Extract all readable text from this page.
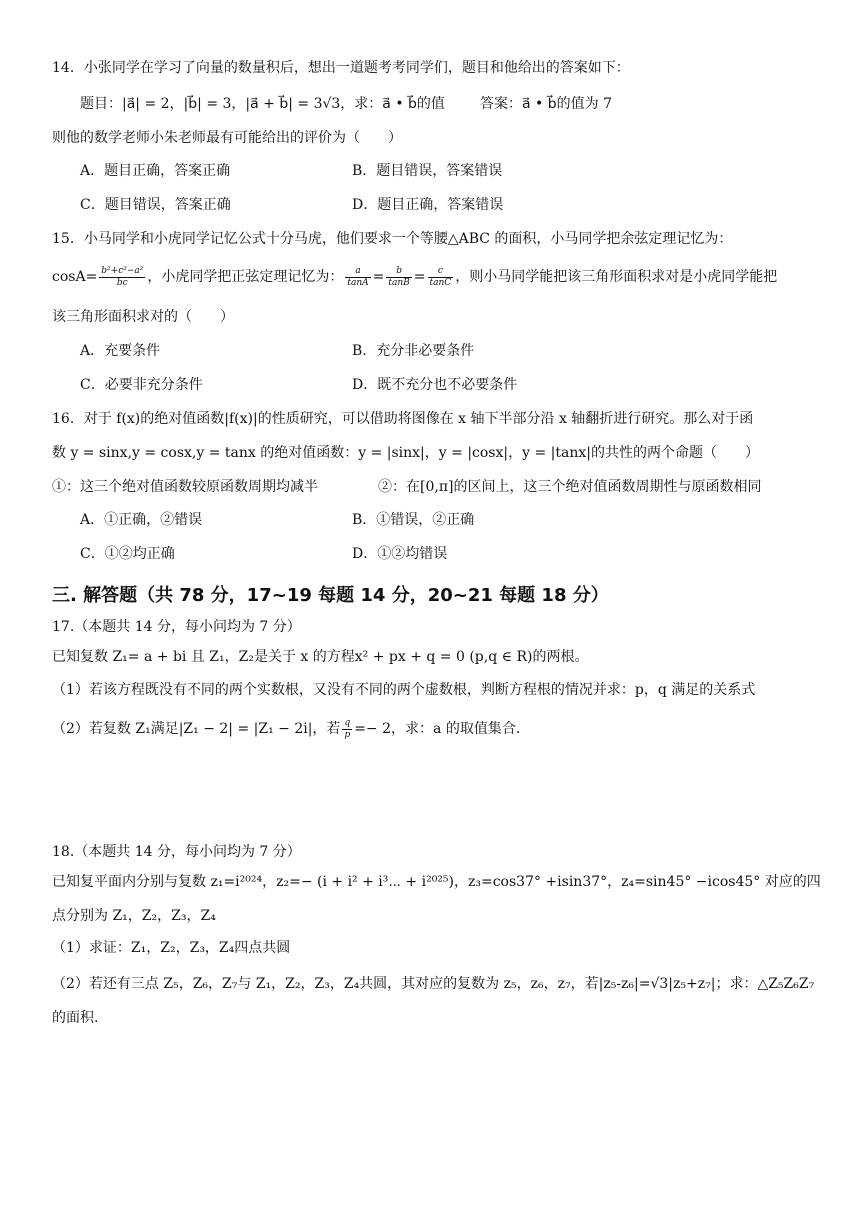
14．小张同学在学习了向量的数量积后，想出一道题考考同学们，题目和他给出的答案如下：
题目：|a⃗| = 2，|b⃗| = 3，|a⃗ + b⃗| = 3√3，求：a⃗ • b⃗的值	答案：a⃗ • b⃗的值为 7
则他的数学老师小朱老师最有可能给出的评价为（　　）
A．题目正确，答案正确	B．题目错误，答案错误
C．题目错误，答案正确	D．题目正确，答案错误
15．小马同学和小虎同学记忆公式十分马虎，他们要求一个等腰△ABC 的面积，小马同学把余弦定理记忆为：
$\cos A= \frac{\text{b²+c²−a²}}{bc}$ ，小虎同学把正弦定理记忆为： $\frac{a}{\tan A} = \frac{b}{\tan B} = \frac{c}{\tan C}$ ，则小马同学能把该三角形面积求对是小虎同学能把
该三角形面积求对的（　　）
A．充要条件	B．充分非必要条件
C．必要非充分条件	D．既不充分也不必要条件
16．对于 f(x)的绝对值函数|f(x)|的性质研究，可以借助将图像在 x 轴下半部分沿 x 轴翻折进行研究。那么对于函
数 y = sinx,y = cosx,y = tanx 的绝对值函数：y = |sinx|，y = |cosx|，y = |tanx|的共性的两个命题（　　）
①：这三个绝对值函数较原函数周期均减半	②：在[0,π]的区间上，这三个绝对值函数周期性与原函数相同
A．①正确，②错误	B．①错误，②正确
C．①②均正确	D．①②均错误
三. 解答题（共 78 分，17~19 每题 14 分，20~21 每题 18 分）
17.（本题共 14 分，每小问均为 7 分）
已知复数 Z₁= a + bi 且 Z₁，Z₂是关于 x 的方程x² + px + q = 0 (p,q ∈ R)的两根。
（1）若该方程既没有不同的两个实数根，又没有不同的两个虚数根，判断方程根的情况并求：p，q 满足的关系式
（2）若复数 Z₁满足|Z₁ − 2| = |Z₁ − 2i|，若 $\frac{q}{p} =- 2$，求：a 的取值集合.
18.（本题共 14 分，每小问均为 7 分）
已知复平面内分别与复数 z₁=i²⁰²⁴，z₂=− (i + i² + i³⋯ + i²⁰²⁵)，z₃=cos37° +isin37°，z₄=sin45° −icos45° 对应的四
点分别为 Z₁，Z₂，Z₃，Z₄
（1）求证：Z₁，Z₂，Z₃，Z₄四点共圆
（2）若还有三点 Z₅，Z₆，Z₇与 Z₁，Z₂，Z₃，Z₄共圆，其对应的复数为 z₅，z₆，z₇，若|z₅-z₆|=√3|z₅+z₇|；求：△Z₅Z₆Z₇
的面积.
